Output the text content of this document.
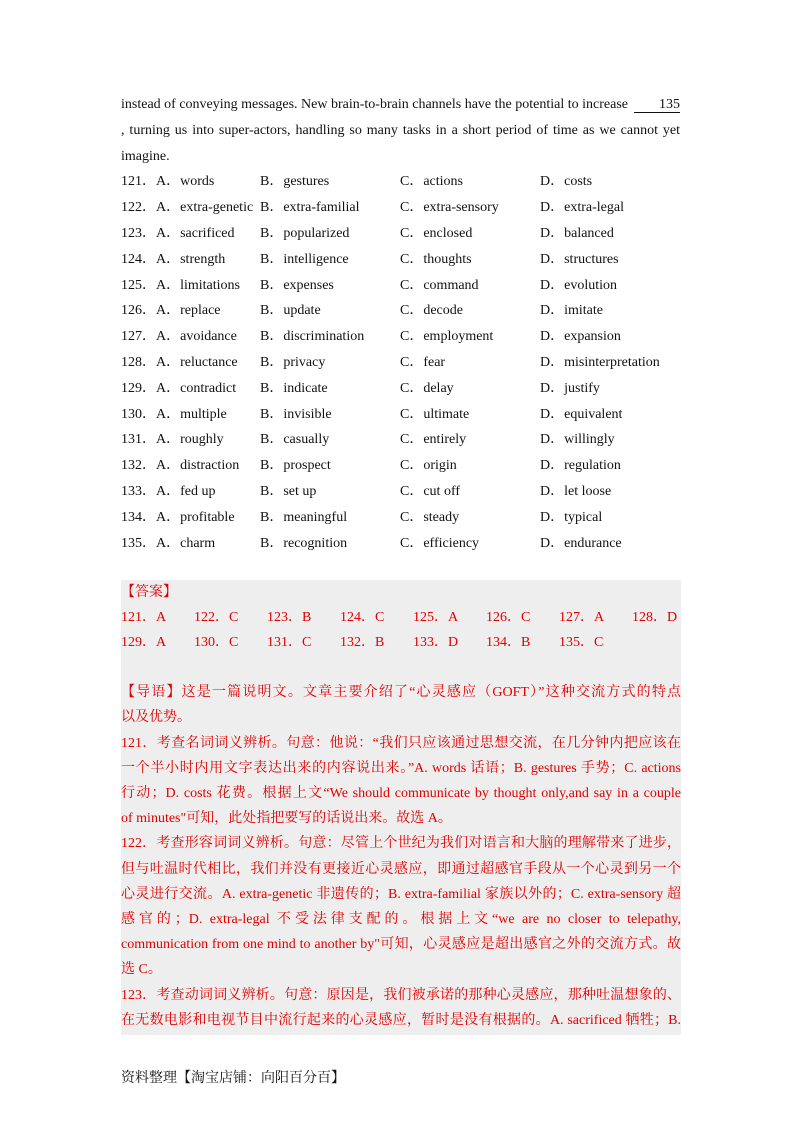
instead of conveying messages. New brain-to-brain channels have the potential to increase	135
, turning us into super-actors, handling so many tasks in a short period of time as we cannot yet
imagine.
121．A．words	B．gestures	C．actions	D．costs
122．A．extra-genetic B．extra-familial	C．extra-sensory	D．extra-legal
123．A．sacrificed	B．popularized	C．enclosed	D．balanced
124．A．strength	B．intelligence	C．thoughts	D．structures
125．A．limitations	B．expenses	C．command	D．evolution
126．A．replace	B．update	C．decode	D．imitate
127．A．avoidance	B．discrimination	C．employment	D．expansion
128．A．reluctance	B．privacy	C．fear	D．misinterpretation
129．A．contradict	B．indicate	C．delay	D．justify
130．A．multiple	B．invisible	C．ultimate	D．equivalent
131．A．roughly	B．casually	C．entirely	D．willingly
132．A．distraction	B．prospect	C．origin	D．regulation
133．A．fed up	B．set up	C．cut off	D．let loose
134．A．profitable	B．meaningful	C．steady	D．typical
135．A．charm	B．recognition	C．efficiency	D．endurance
【答案】
121．A	122．C	123．B	124．C	125．A	126．C	127．A	128．D
129．A	130．C	131．C	132．B	133．D	134．B	135．C
【导语】这是一篇说明文。文章主要介绍了“心灵感应（GOFT）”这种交流方式的特点
以及优势。
121．考查名词词义辨析。句意：他说：“我们只应该通过思想交流，在几分钟内把应该在
一个半小时内用文字表达出来的内容说出来。”A. words 话语；B. gestures 手势；C. actions
行动；D. costs 花费。根据上文“We should communicate by thought only,and say in a couple
of minutes"可知，此处指把要写的话说出来。故选 A。
122．考查形容词词义辨析。句意：尽管上个世纪为我们对语言和大脑的理解带来了进步，
但与吐温时代相比，我们并没有更接近心灵感应，即通过超感官手段从一个心灵到另一个
心灵进行交流。A. extra-genetic 非遗传的；B. extra-familial 家族以外的；C. extra-sensory 超
感官的；D. extra-legal 不受法律支配的。根据上文“we are no closer to telepathy,
communication from one mind to another by"可知，心灵感应是超出感官之外的交流方式。故
选 C。
123．考查动词词义辨析。句意：原因是，我们被承诺的那种心灵感应，那种吐温想象的、
在无数电影和电视节目中流行起来的心灵感应，暂时是没有根据的。A. sacrificed 牺牲；B.
资料整理【淘宝店铺：向阳百分百】
